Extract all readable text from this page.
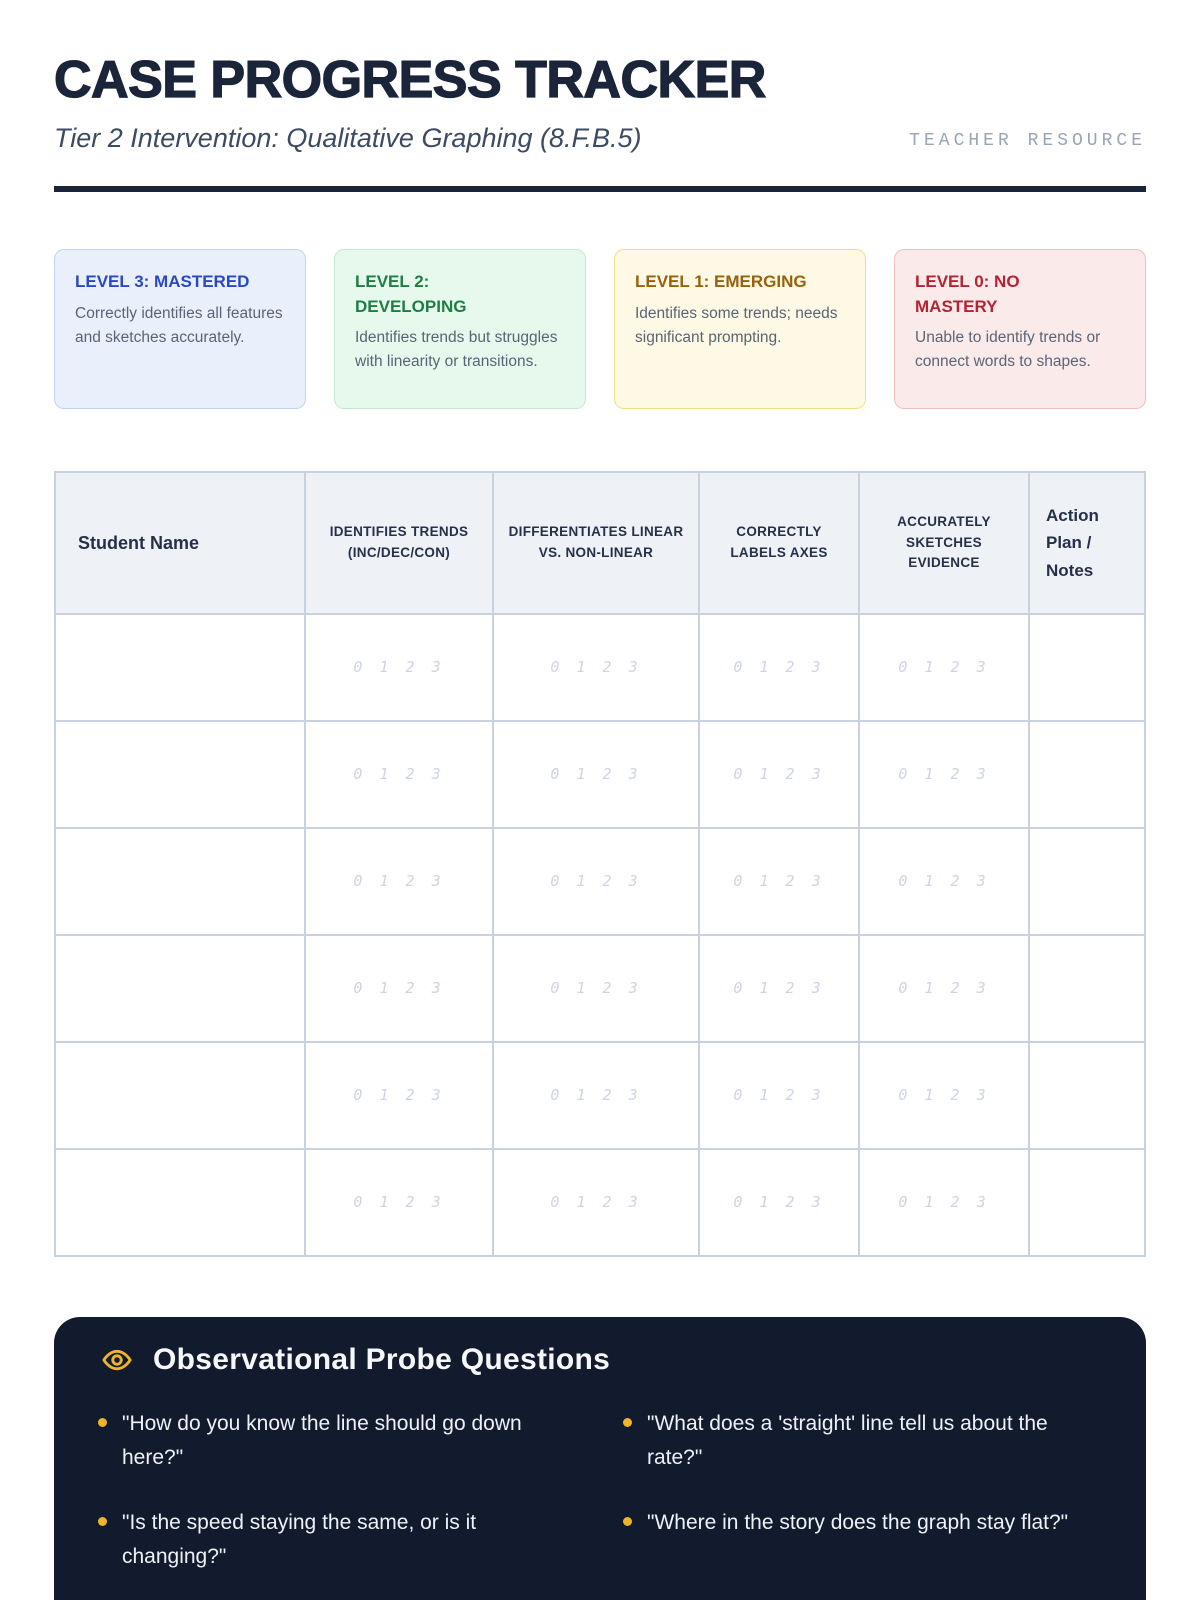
CASE PROGRESS TRACKER
Tier 2 Intervention: Qualitative Graphing (8.F.B.5)	TEACHER RESOURCE
LEVEL 3: MASTERED
Correctly identifies all features and sketches accurately.
LEVEL 2: DEVELOPING
Identifies trends but struggles with linearity or transitions.
LEVEL 1: EMERGING
Identifies some trends; needs significant prompting.
LEVEL 0: NO MASTERY
Unable to identify trends or connect words to shapes.
Student Name	IDENTIFIES TRENDS (INC/DEC/CON)	DIFFERENTIATES LINEAR VS. NON-LINEAR	CORRECTLY LABELS AXES	ACCURATELY SKETCHES EVIDENCE	Action Plan / Notes
	0 1 2 3	0 1 2 3	0 1 2 3	0 1 2 3	
	0 1 2 3	0 1 2 3	0 1 2 3	0 1 2 3	
	0 1 2 3	0 1 2 3	0 1 2 3	0 1 2 3	
	0 1 2 3	0 1 2 3	0 1 2 3	0 1 2 3	
	0 1 2 3	0 1 2 3	0 1 2 3	0 1 2 3	
	0 1 2 3	0 1 2 3	0 1 2 3	0 1 2 3	
Observational Probe Questions
"How do you know the line should go down here?"
"Is the speed staying the same, or is it changing?"
"What does a 'straight' line tell us about the rate?"
"Where in the story does the graph stay flat?"
